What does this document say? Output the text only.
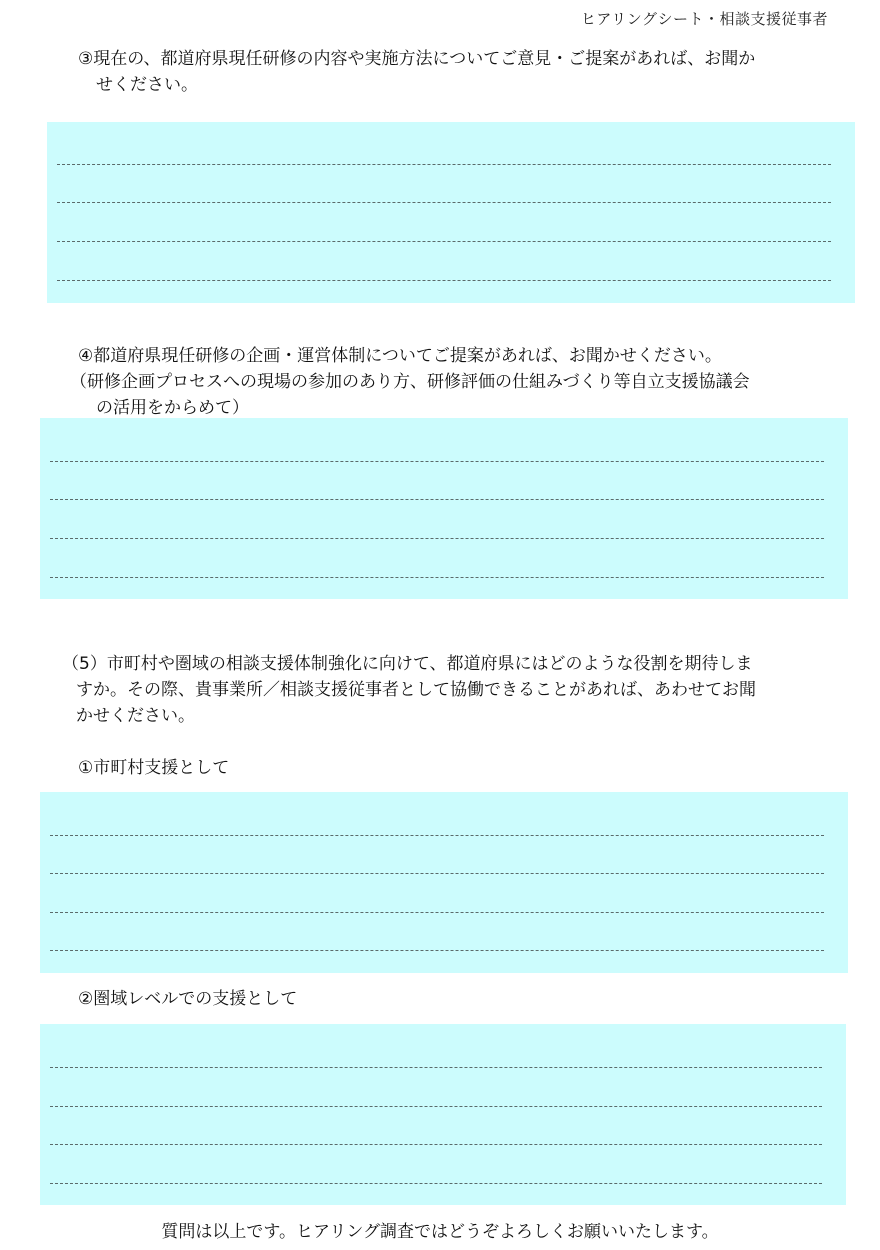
ヒアリングシート・相談支援従事者
③現在の、都道府県現任研修の内容や実施方法についてご意見・ご提案があれば、お聞か
せください。
④都道府県現任研修の企画・運営体制についてご提案があれば、お聞かせください。
（研修企画プロセスへの現場の参加のあり方、研修評価の仕組みづくり等自立支援協議会
の活用をからめて）
（5）市町村や圏域の相談支援体制強化に向けて、都道府県にはどのような役割を期待しま
すか。その際、貴事業所／相談支援従事者として協働できることがあれば、あわせてお聞
かせください。
①市町村支援として
②圏域レベルでの支援として
質問は以上です。ヒアリング調査ではどうぞよろしくお願いいたします。
